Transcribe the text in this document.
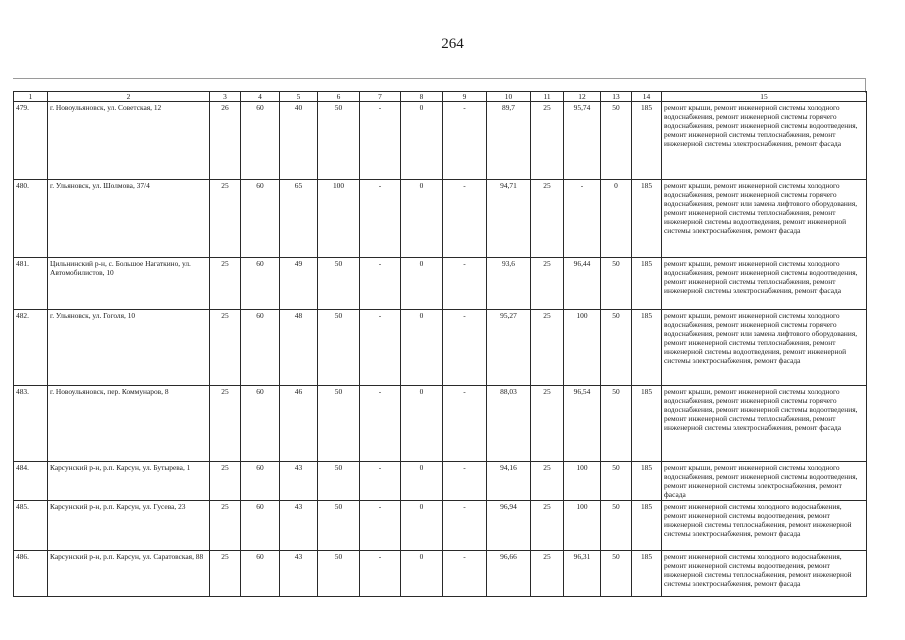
264
1	2	3	4	5	6	7	8	9	10	11	12	13	14	15
479.	г. Новоульяновск, ул. Советская, 12	26	60	40	50	-	0	-	89,7	25	95,74	50	185	ремонт крыши, ремонт инженерной системы холодного водоснабжения, ремонт инженерной системы горячего водоснабжения, ремонт инженерной системы водоотведения, ремонт инженерной системы теплоснабжения, ремонт инженерной системы электроснабжения, ремонт фасада
480.	г. Ульяновск, ул. Шолмова, 37/4	25	60	65	100	-	0	-	94,71	25	-	0	185	ремонт крыши, ремонт инженерной системы холодного водоснабжения, ремонт инженерной системы горячего водоснабжения, ремонт или замена лифтового оборудования, ремонт инженерной системы теплоснабжения, ремонт инженерной системы водоотведения, ремонт инженерной системы электроснабжения, ремонт фасада
481.	Цильнинский р-н, с. Большое Нагаткино, ул. Автомобилистов, 10	25	60	49	50	-	0	-	93,6	25	96,44	50	185	ремонт крыши, ремонт инженерной системы холодного водоснабжения, ремонт инженерной системы водоотведения, ремонт инженерной системы теплоснабжения, ремонт инженерной системы электроснабжения, ремонт фасада
482.	г. Ульяновск, ул. Гоголя, 10	25	60	48	50	-	0	-	95,27	25	100	50	185	ремонт крыши, ремонт инженерной системы холодного водоснабжения, ремонт инженерной системы горячего водоснабжения, ремонт или замена лифтового оборудования, ремонт инженерной системы теплоснабжения, ремонт инженерной системы водоотведения, ремонт инженерной системы электроснабжения, ремонт фасада
483.	г. Новоульяновск, пер. Коммунаров, 8	25	60	46	50	-	0	-	88,03	25	96,54	50	185	ремонт крыши, ремонт инженерной системы холодного водоснабжения, ремонт инженерной системы горячего водоснабжения, ремонт инженерной системы водоотведения, ремонт инженерной системы теплоснабжения, ремонт инженерной системы электроснабжения, ремонт фасада
484.	Карсунский р-н, р.п. Карсун, ул. Бутырева, 1	25	60	43	50	-	0	-	94,16	25	100	50	185	ремонт крыши, ремонт инженерной системы холодного водоснабжения, ремонт инженерной системы водоотведения, ремонт инженерной системы электроснабжения, ремонт фасада
485.	Карсунский р-н, р.п. Карсун, ул. Гусева, 23	25	60	43	50	-	0	-	96,94	25	100	50	185	ремонт инженерной системы холодного водоснабжения, ремонт инженерной системы водоотведения, ремонт инженерной системы теплоснабжения, ремонт инженерной системы электроснабжения, ремонт фасада
486.	Карсунский р-н, р.п. Карсун, ул. Саратовская, 88	25	60	43	50	-	0	-	96,66	25	96,31	50	185	ремонт инженерной системы холодного водоснабжения, ремонт инженерной системы водоотведения, ремонт инженерной системы теплоснабжения, ремонт инженерной системы электроснабжения, ремонт фасада
